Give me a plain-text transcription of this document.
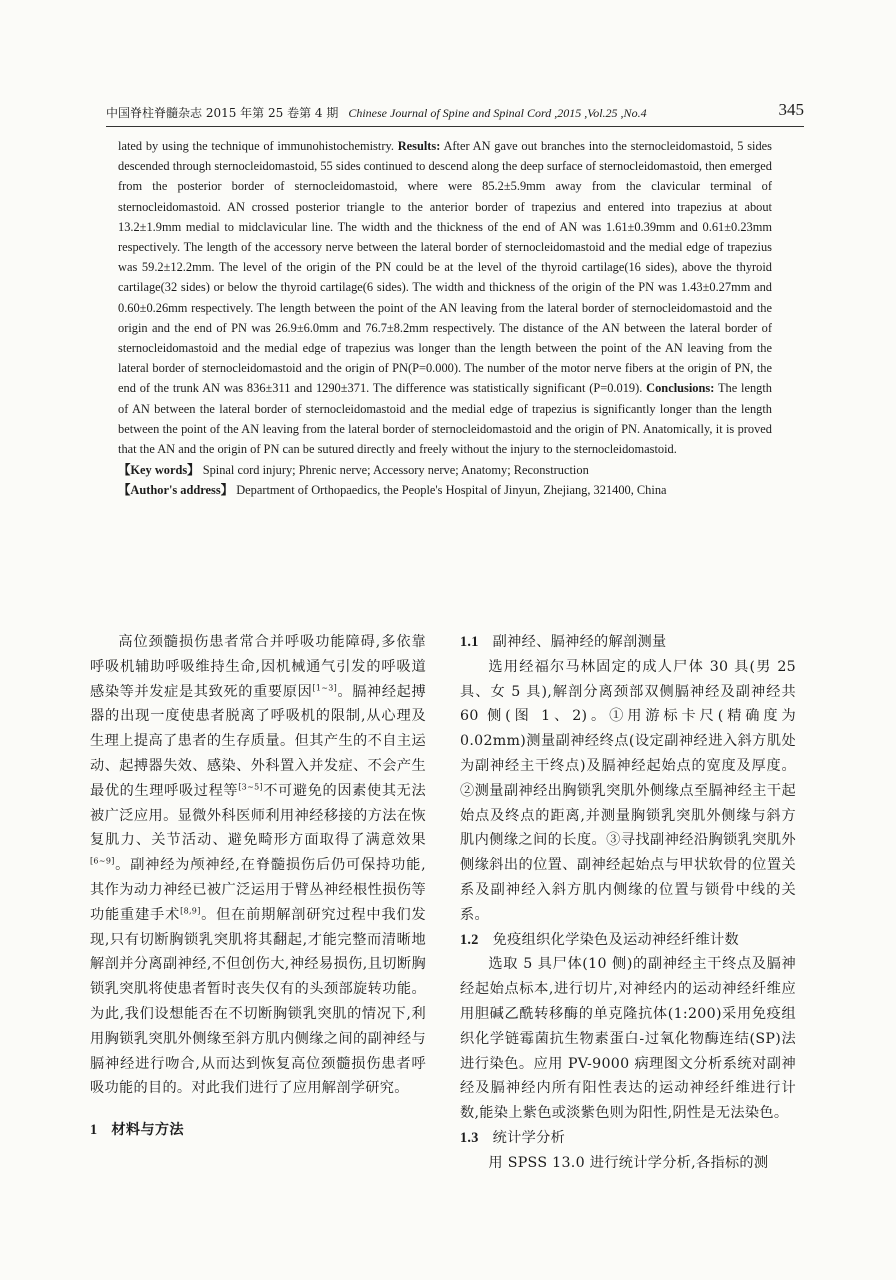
中国脊柱脊髓杂志 2015 年第 25 卷第 4 期 Chinese Journal of Spine and Spinal Cord ,2015 ,Vol.25 ,No.4	345

lated by using the technique of immunohistochemistry. Results: After AN gave out branches into the sternocleidomastoid, 5 sides descended through sternocleidomastoid, 55 sides continued to descend along the deep surface of sternocleidomastoid, then emerged from the posterior border of sternocleidomastoid, where were 85.2±5.9mm away from the clavicular terminal of sternocleidomastoid. AN crossed posterior triangle to the anterior border of trapezius and entered into trapezius at about 13.2±1.9mm medial to midclavicular line. The width and the thickness of the end of AN was 1.61±0.39mm and 0.61±0.23mm respectively. The length of the accessory nerve between the lateral border of sternocleidomastoid and the medial edge of trapezius was 59.2±12.2mm. The level of the origin of the PN could be at the level of the thyroid cartilage(16 sides), above the thyroid cartilage(32 sides) or below the thyroid cartilage(6 sides). The width and thickness of the origin of the PN was 1.43±0.27mm and 0.60±0.26mm respectively. The length between the point of the AN leaving from the lateral border of sternocleidomastoid and the origin and the end of PN was 26.9±6.0mm and 76.7±8.2mm respectively. The distance of the AN between the lateral border of sternocleidomastoid and the medial edge of trapezius was longer than the length between the point of the AN leaving from the lateral border of sternocleidomastoid and the origin of PN(P=0.000). The number of the motor nerve fibers at the origin of PN, the end of the trunk AN was 836±311 and 1290±371. The difference was statistically significant (P=0.019). Conclusions: The length of AN between the lateral border of sternocleidomastoid and the medial edge of trapezius is significantly longer than the length between the point of the AN leaving from the lateral border of sternocleidomastoid and the origin of PN. Anatomically, it is proved that the AN and the origin of PN can be sutured directly and freely without the injury to the sternocleidomastoid.

【Key words】 Spinal cord injury; Phrenic nerve; Accessory nerve; Anatomy; Reconstruction

【Author's address】 Department of Orthopaedics, the People's Hospital of Jinyun, Zhejiang, 321400, China

高位颈髓损伤患者常合并呼吸功能障碍,多依靠呼吸机辅助呼吸维持生命,因机械通气引发的呼吸道感染等并发症是其致死的重要原因[1~3]。膈神经起搏器的出现一度使患者脱离了呼吸机的限制,从心理及生理上提高了患者的生存质量。但其产生的不自主运动、起搏器失效、感染、外科置入并发症、不会产生最优的生理呼吸过程等[3~5]不可避免的因素使其无法被广泛应用。显微外科医师利用神经移接的方法在恢复肌力、关节活动、避免畸形方面取得了满意效果 [6~9]。副神经为颅神经,在脊髓损伤后仍可保持功能,其作为动力神经已被广泛运用于臂丛神经根性损伤等功能重建手术[8,9]。但在前期解剖研究过程中我们发现,只有切断胸锁乳突肌将其翻起,才能完整而清晰地解剖并分离副神经,不但创伤大,神经易损伤,且切断胸锁乳突肌将使患者暂时丧失仅有的头颈部旋转功能。为此,我们设想能否在不切断胸锁乳突肌的情况下,利用胸锁乳突肌外侧缘至斜方肌内侧缘之间的副神经与膈神经进行吻合,从而达到恢复高位颈髓损伤患者呼吸功能的目的。对此我们进行了应用解剖学研究。

1 材料与方法
1.1 副神经、膈神经的解剖测量

选用经福尔马林固定的成人尸体 30 具(男 25 具、女 5 具),解剖分离颈部双侧膈神经及副神经共 60 侧(图 1、2)。①用游标卡尺(精确度为 0.02mm)测量副神经终点(设定副神经进入斜方肌处为副神经主干终点)及膈神经起始点的宽度及厚度。②测量副神经出胸锁乳突肌外侧缘点至膈神经主干起始点及终点的距离,并测量胸锁乳突肌外侧缘与斜方肌内侧缘之间的长度。③寻找副神经沿胸锁乳突肌外侧缘斜出的位置、副神经起始点与甲状软骨的位置关系及副神经入斜方肌内侧缘的位置与锁骨中线的关系。

1.2 免疫组织化学染色及运动神经纤维计数

选取 5 具尸体(10 侧)的副神经主干终点及膈神经起始点标本,进行切片,对神经内的运动神经纤维应用胆碱乙酰转移酶的单克隆抗体(1:200)采用免疫组织化学链霉菌抗生物素蛋白-过氧化物酶连结(SP)法进行染色。应用 PV-9000 病理图文分析系统对副神经及膈神经内所有阳性表达的运动神经纤维进行计数,能染上紫色或淡紫色则为阳性,阴性是无法染色。

1.3 统计学分析

用 SPSS 13.0 进行统计学分析,各指标的测
